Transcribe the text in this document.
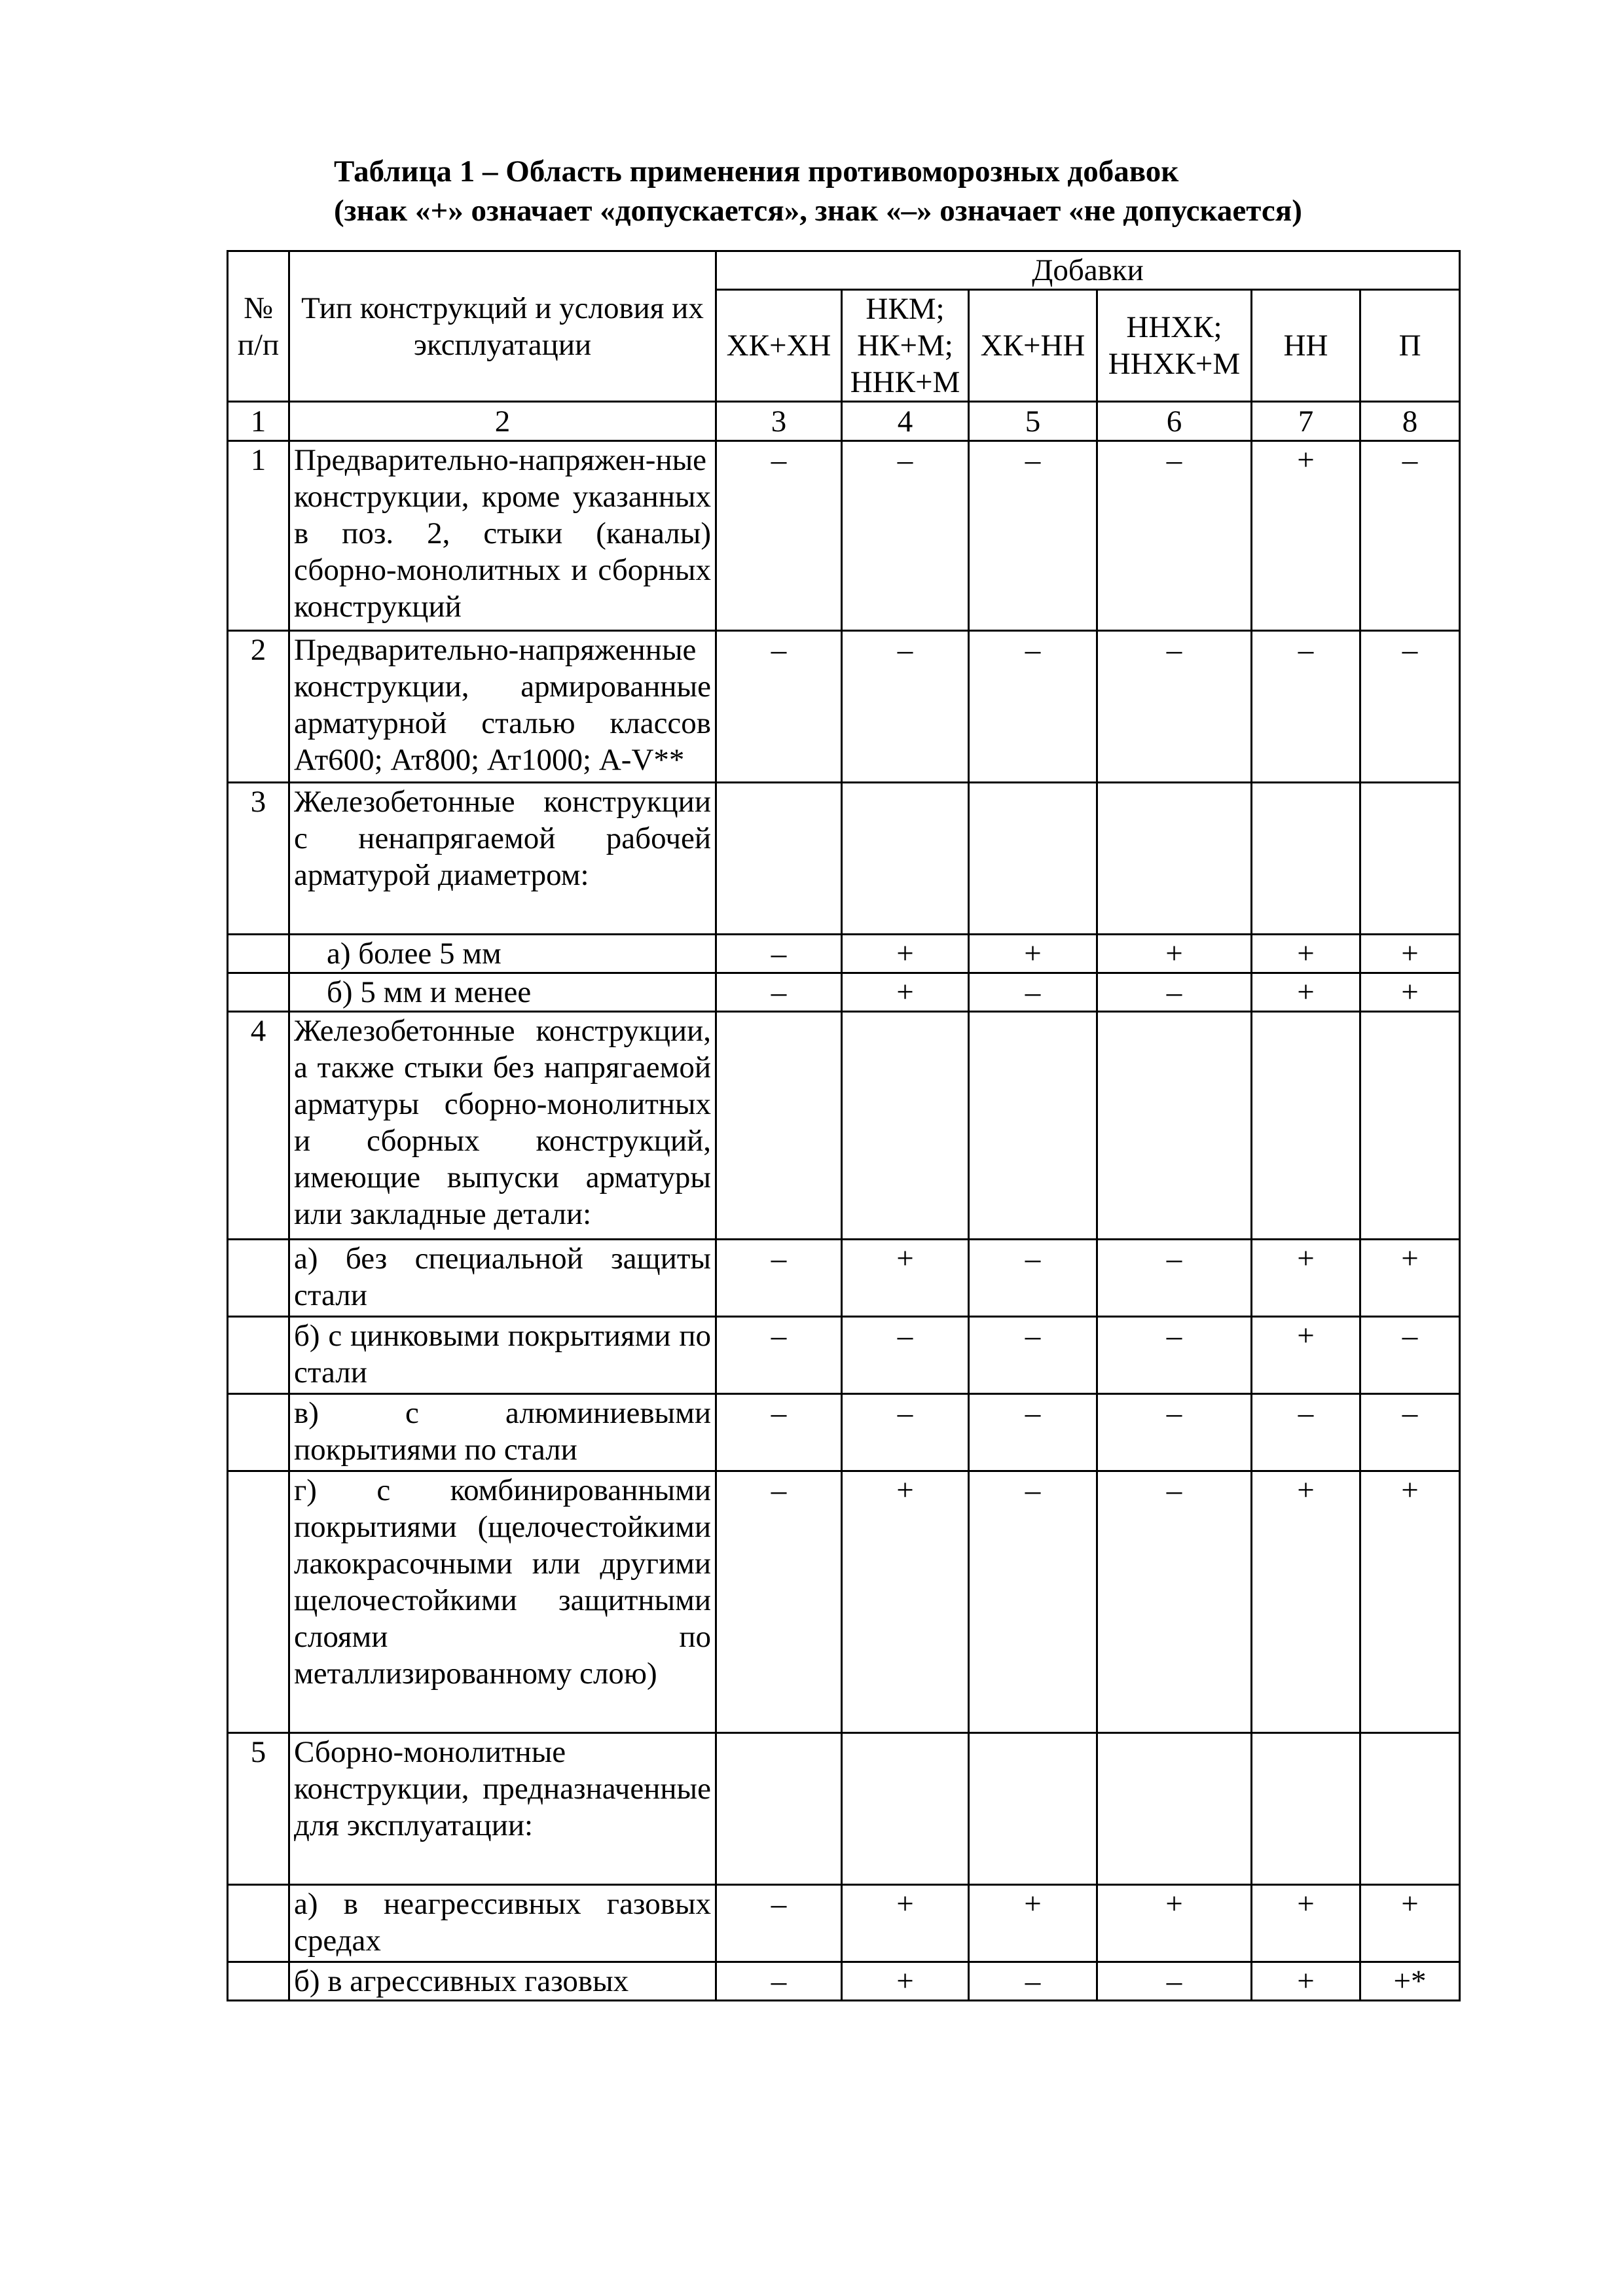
Таблица 1 – Область применения противоморозных добавок
(знак «+» означает «допускается», знак «–» означает «не допускается)
№ п/п	Тип конструкций и условия их эксплуатации	Добавки					
		ХК+ХН	НКМ; НК+М; ННК+М	ХК+НН	ННХК; ННХК+М	НН	П
1	2	3	4	5	6	7	8
1	Предварительно-напряжен-ные конструкции, кроме указанных в поз. 2, стыки (каналы) сборно-монолитных и сборных конструкций	–	–	–	–	+	–
2	Предварительно-напряженные конструкции, армированные арматурной сталью классов Ат600; Ат800; Ат1000; А-V**	–	–	–	–	–	–
3	Железобетонные конструкции с ненапрягаемой рабочей арматурой диаметром:						
	а) более 5 мм	–	+	+	+	+	+
	б) 5 мм и менее	–	+	–	–	+	+
4	Железобетонные конструкции, а также стыки без напрягаемой арматуры сборно-монолитных и сборных конструкций, имеющие выпуски арматуры или закладные детали:						
	а) без специальной защиты стали	–	+	–	–	+	+
	б) с цинковыми покрытиями по стали	–	–	–	–	+	–
	в) с алюминиевыми покрытиями по стали	–	–	–	–	–	–
	г) с комбинированными покрытиями (щелочестойкими лакокрасочными или другими щелочестойкими защитными слоями по металлизированному слою)	–	+	–	–	+	+
5	Сборно-монолитные конструкции, предназначенные для эксплуатации:						
	а) в неагрессивных газовых средах	–	+	+	+	+	+
	б) в агрессивных газовых	–	+	–	–	+	+*
